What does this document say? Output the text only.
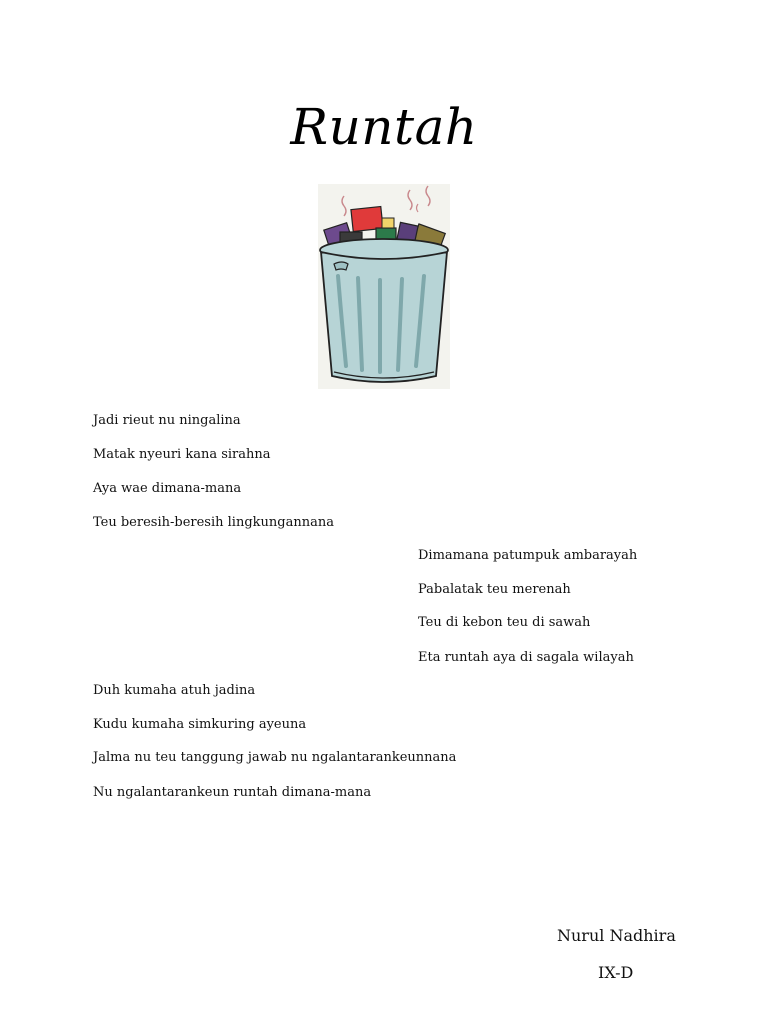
Runtah
Jadi rieut nu ningalina
Matak nyeuri kana sirahna
Aya wae dimana-mana
Teu beresih-beresih lingkungannana
Dimamana patumpuk ambarayah
Pabalatak teu merenah
Teu di kebon teu di sawah
Eta runtah aya di sagala wilayah
Duh kumaha atuh jadina
Kudu kumaha simkuring ayeuna
Jalma nu teu tanggung jawab nu ngalantarankeunnana
Nu ngalantarankeun runtah dimana-mana
Nurul Nadhira
IX-D
